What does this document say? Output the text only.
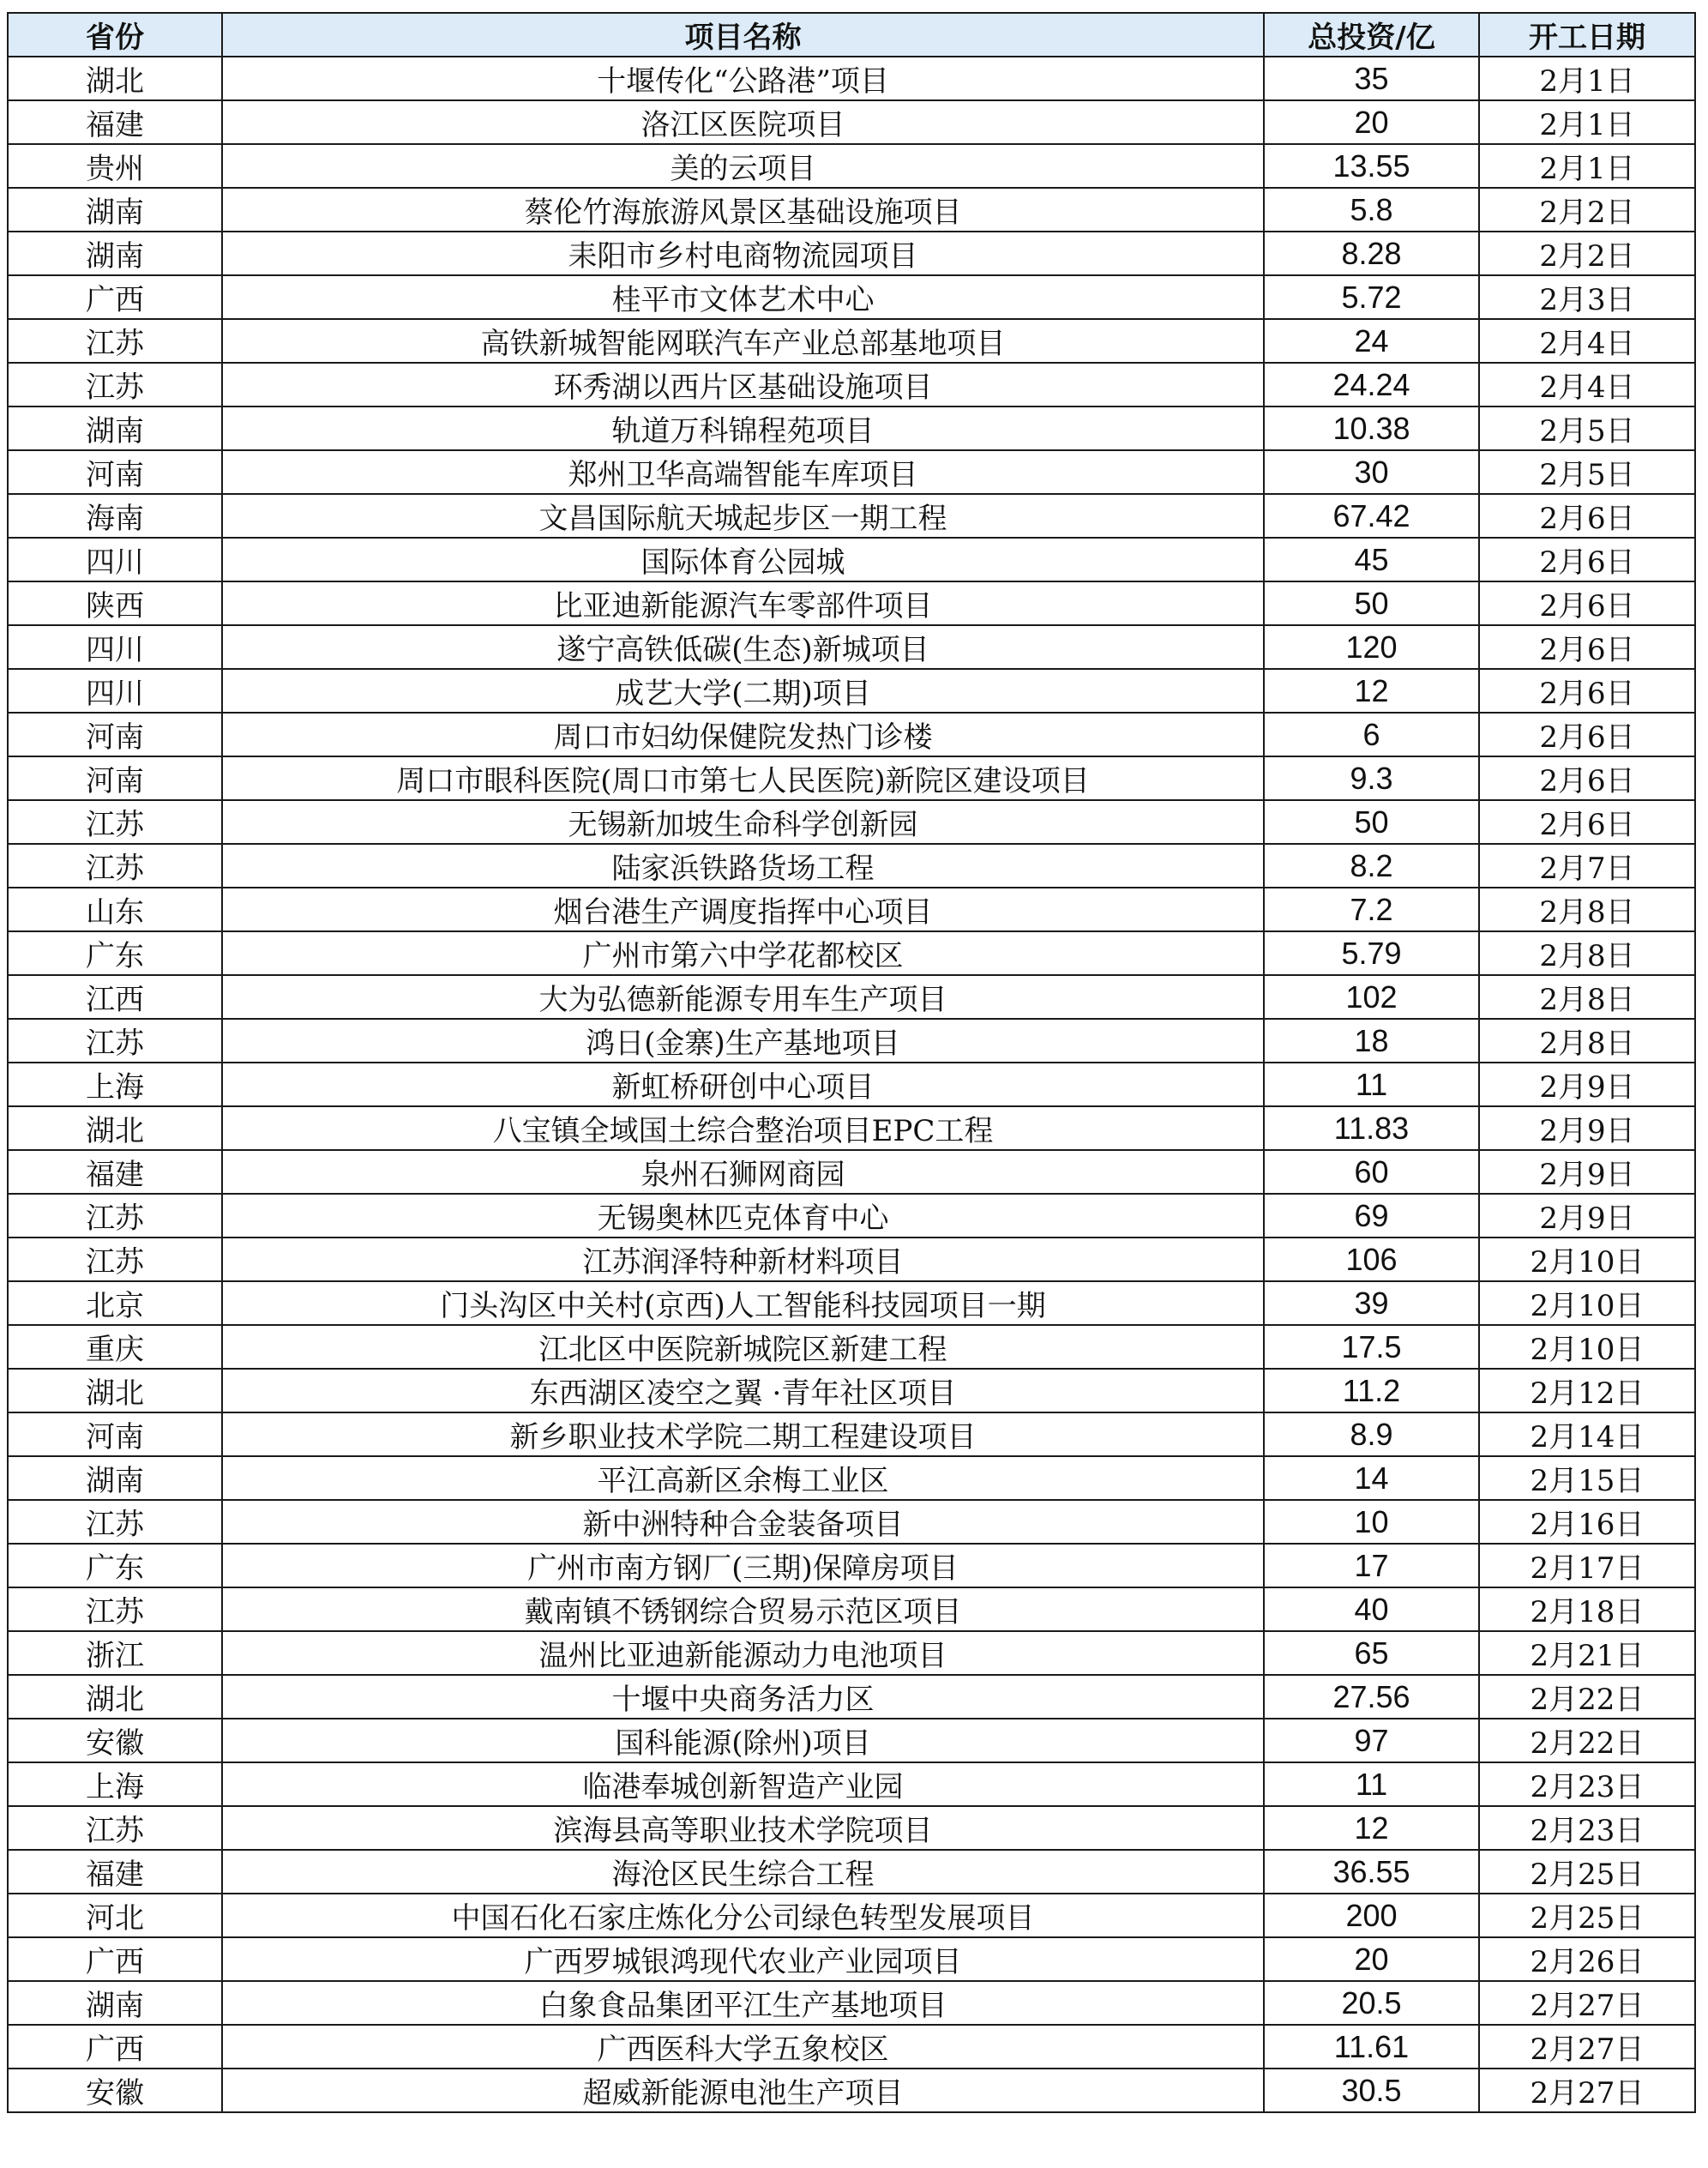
省份	项目名称	总投资/亿	开工日期
湖北	十堰传化“公路港”项目	35	2月1日
福建	洛江区医院项目	20	2月1日
贵州	美的云项目	13.55	2月1日
湖南	蔡伦竹海旅游风景区基础设施项目	5.8	2月2日
湖南	耒阳市乡村电商物流园项目	8.28	2月2日
广西	桂平市文体艺术中心	5.72	2月3日
江苏	高铁新城智能网联汽车产业总部基地项目	24	2月4日
江苏	环秀湖以西片区基础设施项目	24.24	2月4日
湖南	轨道万科锦程苑项目	10.38	2月5日
河南	郑州卫华高端智能车库项目	30	2月5日
海南	文昌国际航天城起步区一期工程	67.42	2月6日
四川	国际体育公园城	45	2月6日
陕西	比亚迪新能源汽车零部件项目	50	2月6日
四川	遂宁高铁低碳(生态)新城项目	120	2月6日
四川	成艺大学(二期)项目	12	2月6日
河南	周口市妇幼保健院发热门诊楼	6	2月6日
河南	周口市眼科医院(周口市第七人民医院)新院区建设项目	9.3	2月6日
江苏	无锡新加坡生命科学创新园	50	2月6日
江苏	陆家浜铁路货场工程	8.2	2月7日
山东	烟台港生产调度指挥中心项目	7.2	2月8日
广东	广州市第六中学花都校区	5.79	2月8日
江西	大为弘德新能源专用车生产项目	102	2月8日
江苏	鸿日(金寨)生产基地项目	18	2月8日
上海	新虹桥研创中心项目	11	2月9日
湖北	八宝镇全域国土综合整治项目EPC工程	11.83	2月9日
福建	泉州石狮网商园	60	2月9日
江苏	无锡奥林匹克体育中心	69	2月9日
江苏	江苏润泽特种新材料项目	106	2月10日
北京	门头沟区中关村(京西)人工智能科技园项目一期	39	2月10日
重庆	江北区中医院新城院区新建工程	17.5	2月10日
湖北	东西湖区凌空之翼 ·青年社区项目	11.2	2月12日
河南	新乡职业技术学院二期工程建设项目	8.9	2月14日
湖南	平江高新区余梅工业区	14	2月15日
江苏	新中洲特种合金装备项目	10	2月16日
广东	广州市南方钢厂(三期)保障房项目	17	2月17日
江苏	戴南镇不锈钢综合贸易示范区项目	40	2月18日
浙江	温州比亚迪新能源动力电池项目	65	2月21日
湖北	十堰中央商务活力区	27.56	2月22日
安徽	国科能源(除州)项目	97	2月22日
上海	临港奉城创新智造产业园	11	2月23日
江苏	滨海县高等职业技术学院项目	12	2月23日
福建	海沧区民生综合工程	36.55	2月25日
河北	中国石化石家庄炼化分公司绿色转型发展项目	200	2月25日
广西	广西罗城银鸿现代农业产业园项目	20	2月26日
湖南	白象食品集团平江生产基地项目	20.5	2月27日
广西	广西医科大学五象校区	11.61	2月27日
安徽	超威新能源电池生产项目	30.5	2月27日
